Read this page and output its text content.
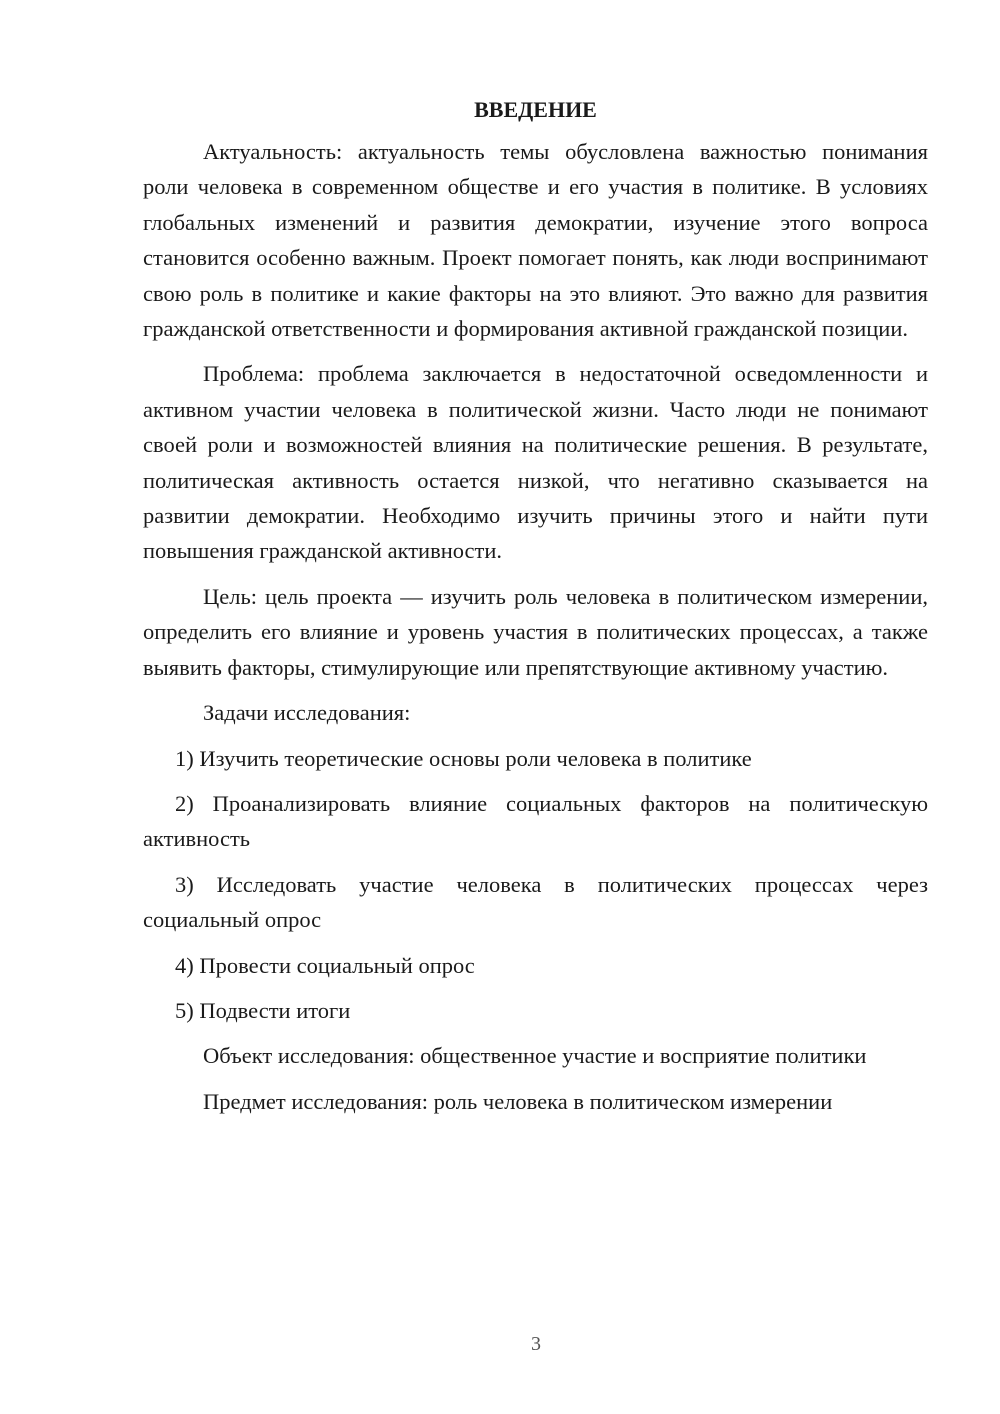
ВВЕДЕНИЕ

Актуальность: актуальность темы обусловлена важностью понимания роли человека в современном обществе и его участия в политике. В условиях глобальных изменений и развития демократии, изучение этого вопроса становится особенно важным. Проект помогает понять, как люди воспринимают свою роль в политике и какие факторы на это влияют. Это важно для развития гражданской ответственности и формирования активной гражданской позиции.

Проблема: проблема заключается в недостаточной осведомленности и активном участии человека в политической жизни. Часто люди не понимают своей роли и возможностей влияния на политические решения. В результате, политическая активность остается низкой, что негативно сказывается на развитии демократии. Необходимо изучить причины этого и найти пути повышения гражданской активности.

Цель: цель проекта — изучить роль человека в политическом измерении, определить его влияние и уровень участия в политических процессах, а также выявить факторы, стимулирующие или препятствующие активному участию.

Задачи исследования:

1) Изучить теоретические основы роли человека в политике

2) Проанализировать влияние социальных факторов на политическую активность

3) Исследовать участие человека в политических процессах через социальный опрос

4) Провести социальный опрос

5) Подвести итоги

Объект исследования: общественное участие и восприятие политики

Предмет исследования: роль человека в политическом измерении

3
